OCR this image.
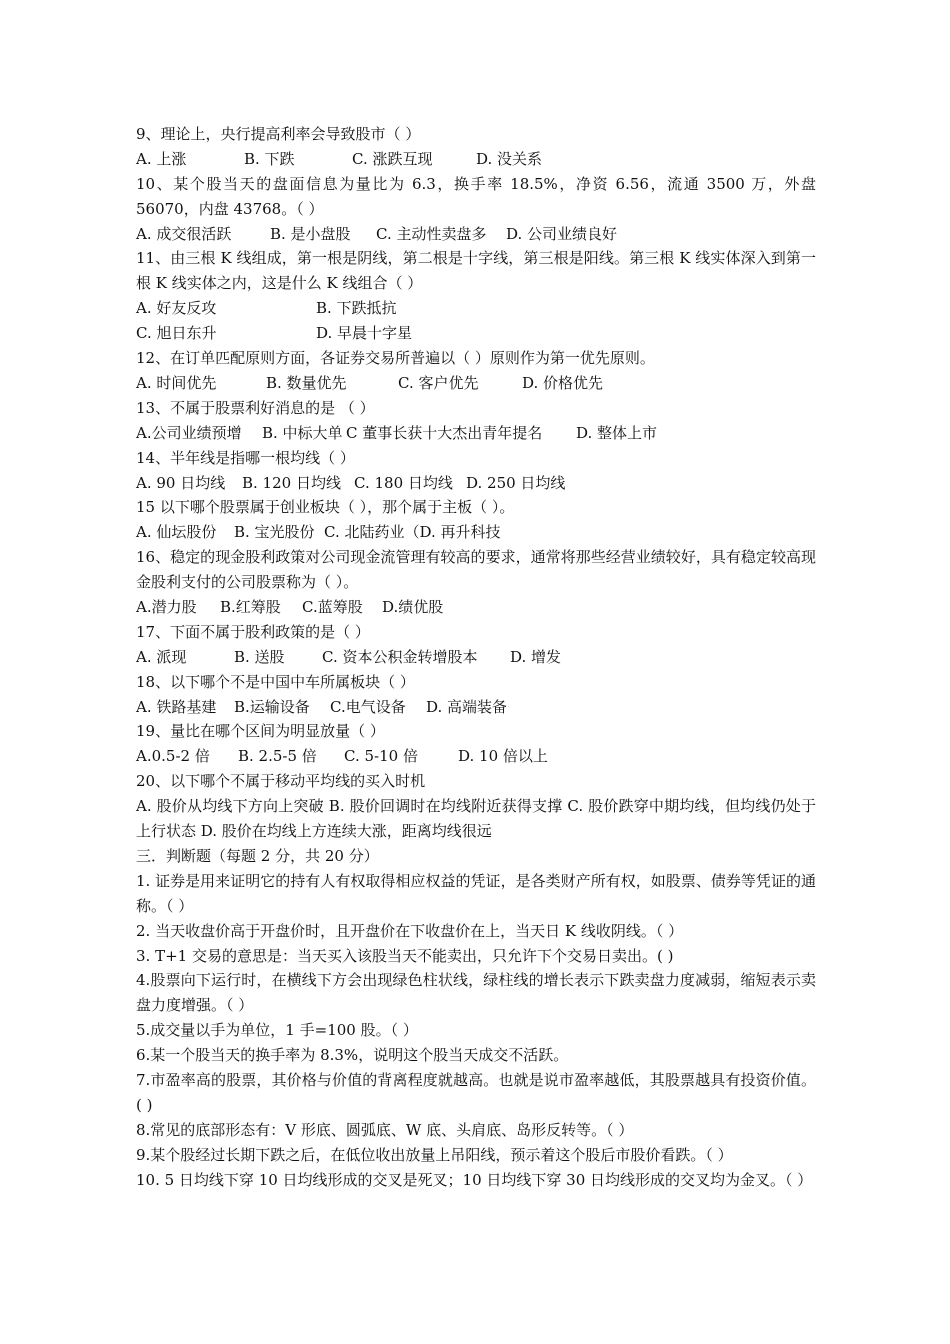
9、理论上，央行提高利率会导致股市（ ）
A. 上涨	B. 下跌	C. 涨跌互现	D. 没关系
10、某个股当天的盘面信息为量比为 6.3，换手率 18.5%，净资 6.56，流通 3500 万，外盘 56070，内盘 43768。（ ）
A. 成交很活跃	B. 是小盘股 C. 主动性卖盘多 D. 公司业绩良好
11、由三根 K 线组成，第一根是阴线，第二根是十字线，第三根是阳线。第三根 K 线实体深入到第一根 K 线实体之内，这是什么 K 线组合（ ）
A. 好友反攻	B. 下跌抵抗
C. 旭日东升	D. 早晨十字星
12、在订单匹配原则方面，各证券交易所普遍以（ ）原则作为第一优先原则。
A. 时间优先	B. 数量优先	C. 客户优先	D. 价格优先
13、不属于股票利好消息的是 （ ）
A.公司业绩预增 B. 中标大单 C 董事长获十大杰出青年提名 D. 整体上市
14、半年线是指哪一根均线（ ）
A. 90 日均线 B. 120 日均线 C. 180 日均线 D. 250 日均线
15 以下哪个股票属于创业板块（ ），那个属于主板（ ）。
A. 仙坛股份 B. 宝光股份 C. 北陆药业（D. 再升科技
16、稳定的现金股利政策对公司现金流管理有较高的要求，通常将那些经营业绩较好，具有稳定较高现金股利支付的公司股票称为（ ）。
A.潜力股 B.红筹股 C.蓝筹股 D.绩优股
17、下面不属于股利政策的是（ ）
A. 派现	B. 送股 C. 资本公积金转增股本 D. 增发
18、以下哪个不是中国中车所属板块（ ）
A. 铁路基建 B.运输设备 C.电气设备 D. 高端装备
19、量比在哪个区间为明显放量（ ）
A.0.5-2 倍 B. 2.5-5 倍 C. 5-10 倍	D. 10 倍以上
20、以下哪个不属于移动平均线的买入时机
A. 股价从均线下方向上突破 B. 股价回调时在均线附近获得支撑 C. 股价跌穿中期均线，但均线仍处于上行状态 D. 股价在均线上方连续大涨，距离均线很远
三．判断题（每题 2 分，共 20 分）
1. 证券是用来证明它的持有人有权取得相应权益的凭证，是各类财产所有权，如股票、债券等凭证的通称。（ ）
2. 当天收盘价高于开盘价时，且开盘价在下收盘价在上，当天日 K 线收阴线。（ ）
3. T+1 交易的意思是：当天买入该股当天不能卖出，只允许下个交易日卖出。( )
4.股票向下运行时，在横线下方会出现绿色柱状线，绿柱线的增长表示下跌卖盘力度减弱，缩短表示卖盘力度增强。（ ）
5.成交量以手为单位，1 手=100 股。（ ）
6.某一个股当天的换手率为 8.3%，说明这个股当天成交不活跃。
7.市盈率高的股票，其价格与价值的背离程度就越高。也就是说市盈率越低，其股票越具有投资价值。( )
8.常见的底部形态有：V 形底、圆弧底、W 底、头肩底、岛形反转等。（ ）
9.某个股经过长期下跌之后，在低位收出放量上吊阳线，预示着这个股后市股价看跌。（ ）
10. 5 日均线下穿 10 日均线形成的交叉是死叉；10 日均线下穿 30 日均线形成的交叉均为金叉。（ ）
